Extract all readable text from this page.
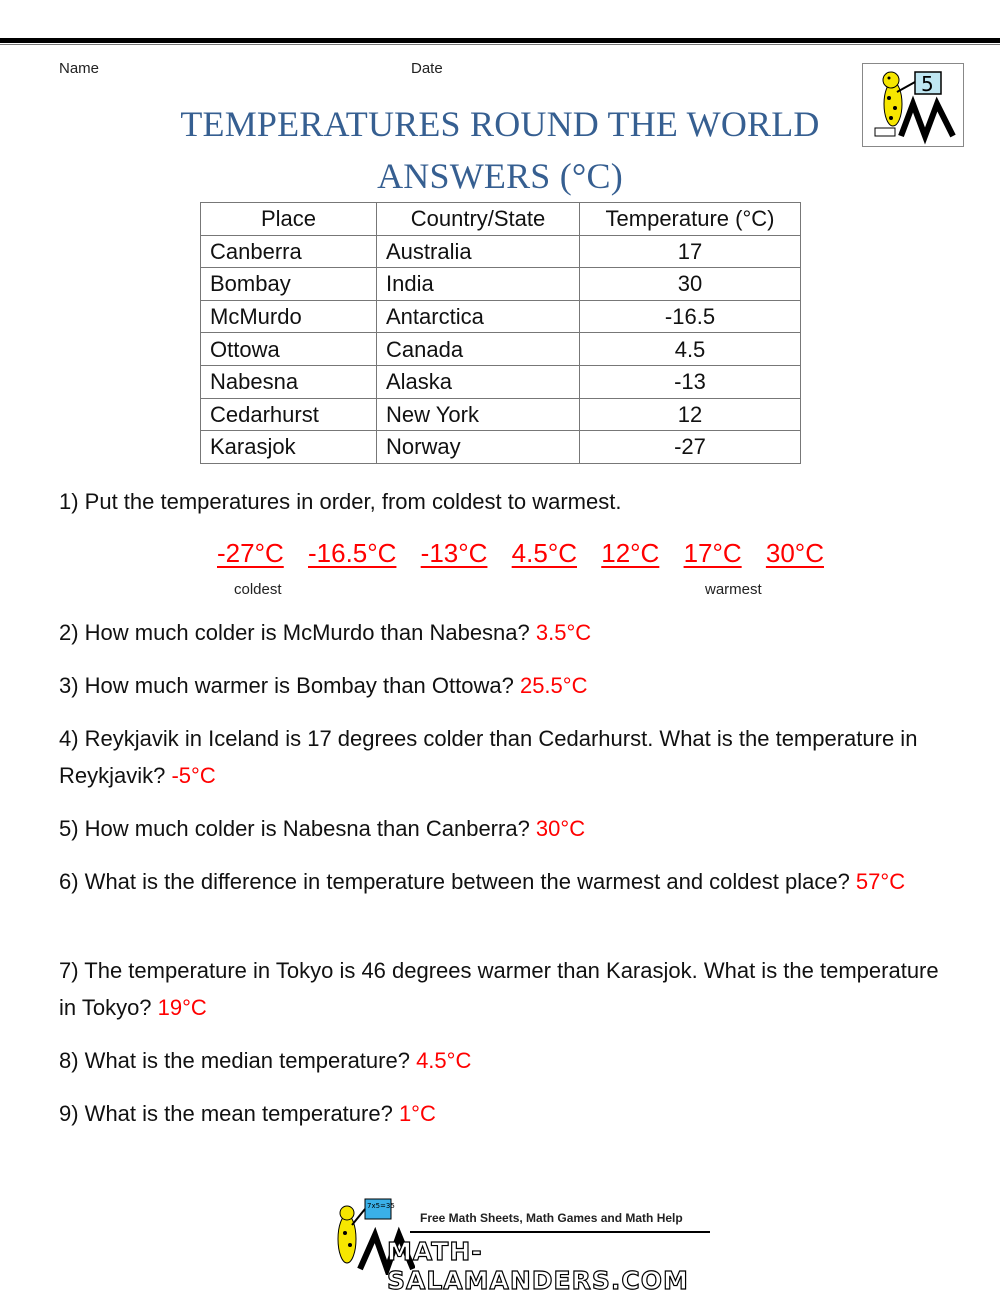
Name	Date
5
TEMPERATURES ROUND THE WORLD
ANSWERS (°C)
Place	Country/State	Temperature (°C)
Canberra	Australia	17
Bombay	India	30
McMurdo	Antarctica	-16.5
Ottowa	Canada	4.5
Nabesna	Alaska	-13
Cedarhurst	New York	12
Karasjok	Norway	-27
1) Put the temperatures in order, from coldest to warmest.
-27°C -16.5°C -13°C 4.5°C 12°C 17°C 30°C
coldest	warmest
2) How much colder is McMurdo than Nabesna? 3.5°C
3) How much warmer is Bombay than Ottowa? 25.5°C
4) Reykjavik in Iceland is 17 degrees colder than Cedarhurst. What is the temperature in Reykjavik? -5°C
5) How much colder is Nabesna than Canberra? 30°C
6) What is the difference in temperature between the warmest and coldest place? 57°C
7) The temperature in Tokyo is 46 degrees warmer than Karasjok. What is the temperature in Tokyo? 19°C
8) What is the median temperature? 4.5°C
9) What is the mean temperature? 1°C
7x5=35
Free Math Sheets, Math Games and Math Help
MATH-SALAMANDERS.COM
